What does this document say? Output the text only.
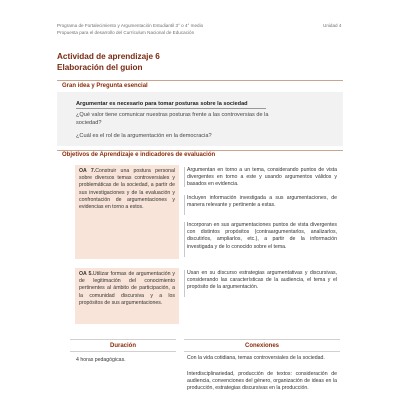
Programa de Fortalecimiento y Argumentación Estudiantil 3° o 4° medio
Propuesta para el desarrollo del Currículum Nacional de Educación
Unidad 4
Actividad de aprendizaje 6
Elaboración del guion
Gran idea y Pregunta esencial
Argumentar es necesario para tomar posturas sobre la sociedad
¿Qué valor tiene comunicar nuestras posturas frente a las controversias de la
sociedad?
¿Cuál es el rol de la argumentación en la democracia?
Objetivos de Aprendizaje e indicadores de evaluación
OA 7.Construir una postura personal sobre diversos temas controversiales y problemáticas de la sociedad, a partir de sus investigaciones y de la evaluación y confrontación de argumentaciones y evidencias en torno a estos.
Argumentan en torno a un tema, considerando puntos de vista divergentes en torno a este y usando argumentos válidos y basados en evidencia.
Incluyen información investigada a sus argumentaciones, de manera relevante y pertinente a estas.
Incorporan en sus argumentaciones puntos de vista divergentes con distintos propósitos (contraargumentarlos, analizarlos, discutirlos, ampliarlos, etc.), a partir de la información investigada y de lo conocido sobre el tema.
OA 5.Utilizar formas de argumentación y de legitimación del conocimiento pertinentes al ámbito de participación, a la comunidad discursiva y a los propósitos de sus argumentaciones.
Usan en su discurso estrategias argumentativas y discursivas, considerando las características de la audiencia, el tema y el propósito de la argumentación.
Duración	Conexiones
4 horas pedagógicas.	Con la vida cotidiana, temas controversiales de la sociedad.
Interdisciplinariedad, producción de textos: consideración de audiencia, convenciones del género, organización de ideas en la producción, estrategias discursivas en la producción.
